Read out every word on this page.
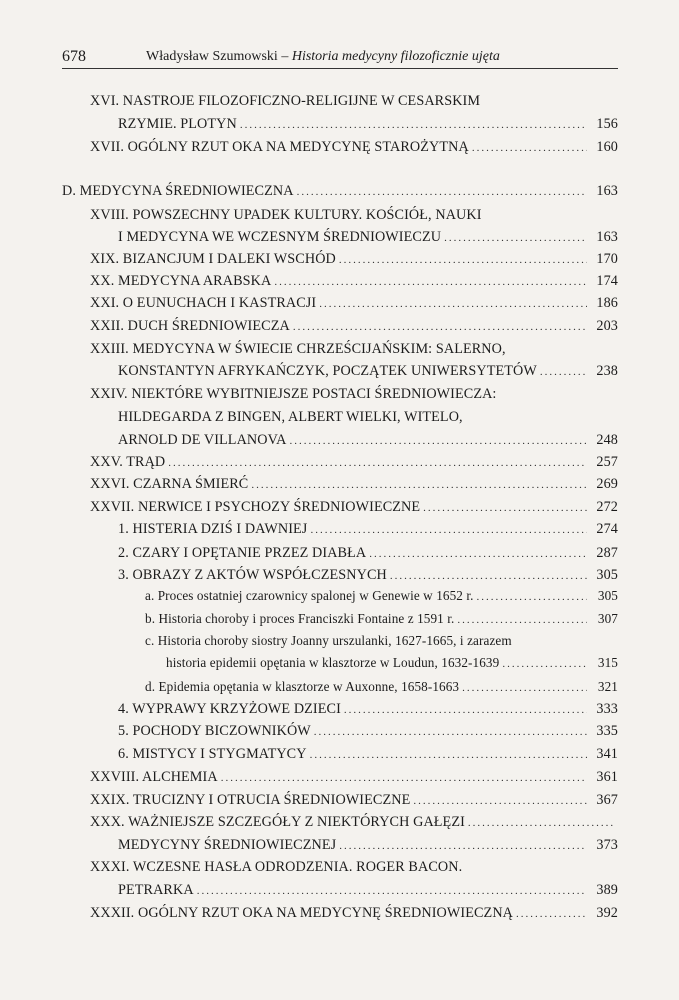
678	Władysław Szumowski – Historia medycyny filozoficznie ujęta
XVI. NASTROJE FILOZOFICZNO-RELIGIJNE W CESARSKIM
RZYMIE. PLOTYN .....	156
XVII. OGÓLNY RZUT OKA NA MEDYCYNĘ STAROŻYTNĄ .....	160
D. MEDYCYNA ŚREDNIOWIECZNA .....	163
XVIII. POWSZECHNY UPADEK KULTURY. KOŚCIÓŁ, NAUKI
I MEDYCYNA WE WCZESNYM ŚREDNIOWIECZU .....	163
XIX. BIZANCJUM I DALEKI WSCHÓD .....	170
XX. MEDYCYNA ARABSKA .....	174
XXI. O EUNUCHACH I KASTRACJI .....	186
XXII. DUCH ŚREDNIOWIECZA .....	203
XXIII. MEDYCYNA W ŚWIECIE CHRZEŚCIJAŃSKIM: SALERNO,
KONSTANTYN AFRYKAŃCZYK, POCZĄTEK UNIWERSYTETÓW .....	238
XXIV. NIEKTÓRE WYBITNIEJSZE POSTACI ŚREDNIOWIECZA:
HILDEGARDA Z BINGEN, ALBERT WIELKI, WITELO,
ARNOLD DE VILLANOVA .....	248
XXV. TRĄD .....	257
XXVI. CZARNA ŚMIERĆ .....	269
XXVII. NERWICE I PSYCHOZY ŚREDNIOWIECZNE .....	272
1. HISTERIA DZIŚ I DAWNIEJ .....	274
2. CZARY I OPĘTANIE PRZEZ DIABŁA .....	287
3. OBRAZY Z AKTÓW WSPÓŁCZESNYCH .....	305
a. Proces ostatniej czarownicy spalonej w Genewie w 1652 r. .....	305
b. Historia choroby i proces Franciszki Fontaine z 1591 r. .....	307
c. Historia choroby siostry Joanny urszulanki, 1627-1665, i zarazem
historia epidemii opętania w klasztorze w Loudun, 1632-1639 .....	315
d. Epidemia opętania w klasztorze w Auxonne, 1658-1663 .....	321
4. WYPRAWY KRZYŻOWE DZIECI .....	333
5. POCHODY BICZOWNIKÓW .....	335
6. MISTYCY I STYGMATYCY .....	341
XXVIII. ALCHEMIA .....	361
XXIX. TRUCIZNY I OTRUCIA ŚREDNIOWIECZNE .....	367
XXX. WAŻNIEJSZE SZCZEGÓŁY Z NIEKTÓRYCH GAŁĘZI
.....
MEDYCYNY ŚREDNIOWIECZNEJ .....	373
XXXI. WCZESNE HASŁA ODRODZENIA. ROGER BACON.
PETRARKA .....	389
XXXII. OGÓLNY RZUT OKA NA MEDYCYNĘ ŚREDNIOWIECZNĄ .....	392
